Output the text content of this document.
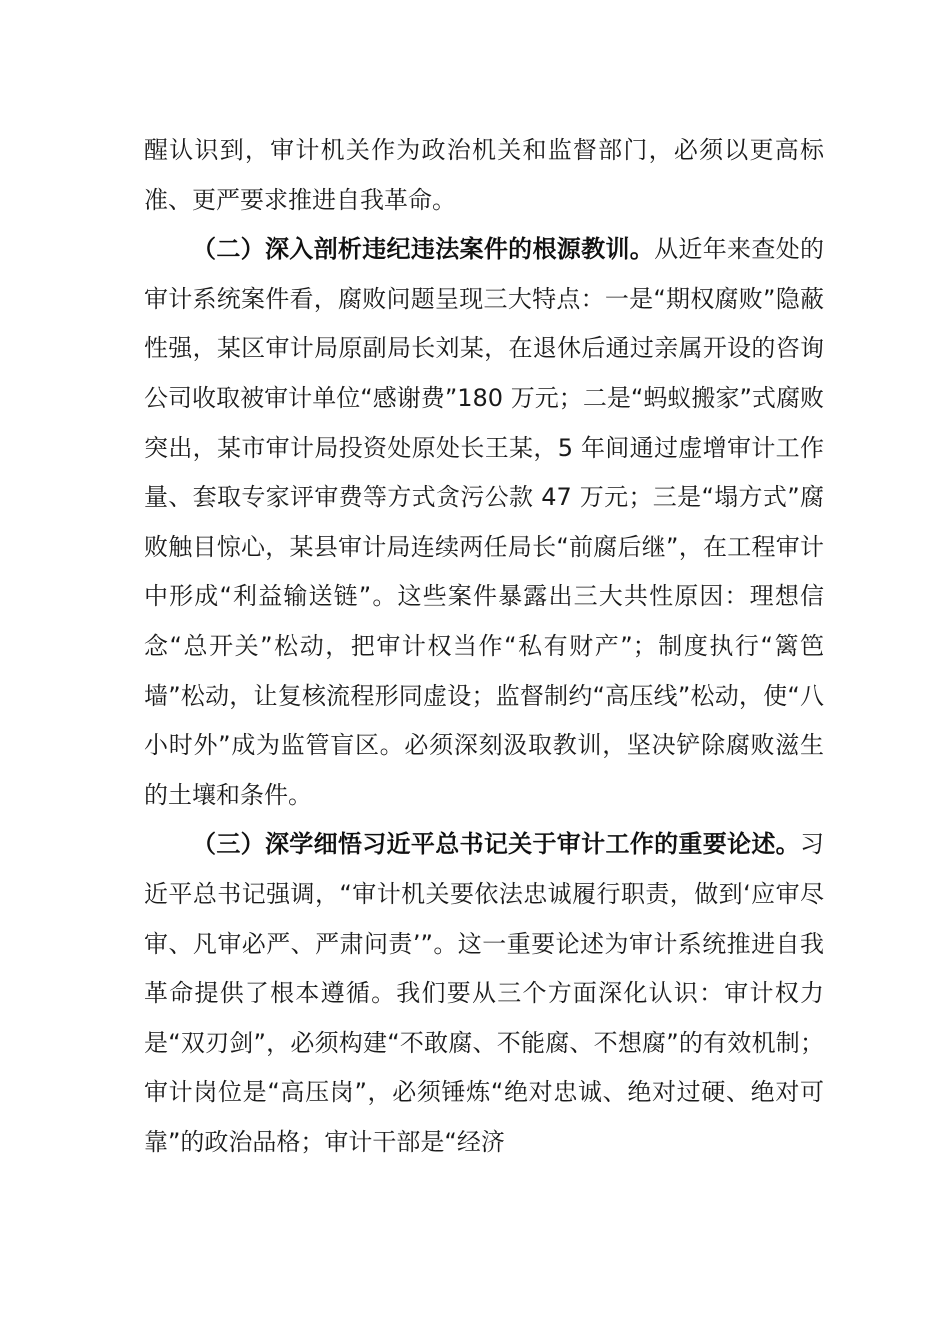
醒认识到，审计机关作为政治机关和监督部门，必须以更高标准、更严要求推进自我革命。

（二）深入剖析违纪违法案件的根源教训。从近年来查处的审计系统案件看，腐败问题呈现三大特点：一是“期权腐败”隐蔽性强，某区审计局原副局长刘某，在退休后通过亲属开设的咨询公司收取被审计单位“感谢费”180 万元；二是“蚂蚁搬家”式腐败突出，某市审计局投资处原处长王某，5 年间通过虚增审计工作量、套取专家评审费等方式贪污公款 47 万元；三是“塌方式”腐败触目惊心，某县审计局连续两任局长“前腐后继”，在工程审计中形成“利益输送链”。这些案件暴露出三大共性原因：理想信念“总开关”松动，把审计权当作“私有财产”；制度执行“篱笆墙”松动，让复核流程形同虚设；监督制约“高压线”松动，使“八小时外”成为监管盲区。必须深刻汲取教训，坚决铲除腐败滋生的土壤和条件。

（三）深学细悟习近平总书记关于审计工作的重要论述。习近平总书记强调，“审计机关要依法忠诚履行职责，做到‘应审尽审、凡审必严、严肃问责’”。这一重要论述为审计系统推进自我革命提供了根本遵循。我们要从三个方面深化认识：审计权力是“双刃剑”，必须构建“不敢腐、不能腐、不想腐”的有效机制；审计岗位是“高压岗”，必须锤炼“绝对忠诚、绝对过硬、绝对可靠”的政治品格；审计干部是“经济
